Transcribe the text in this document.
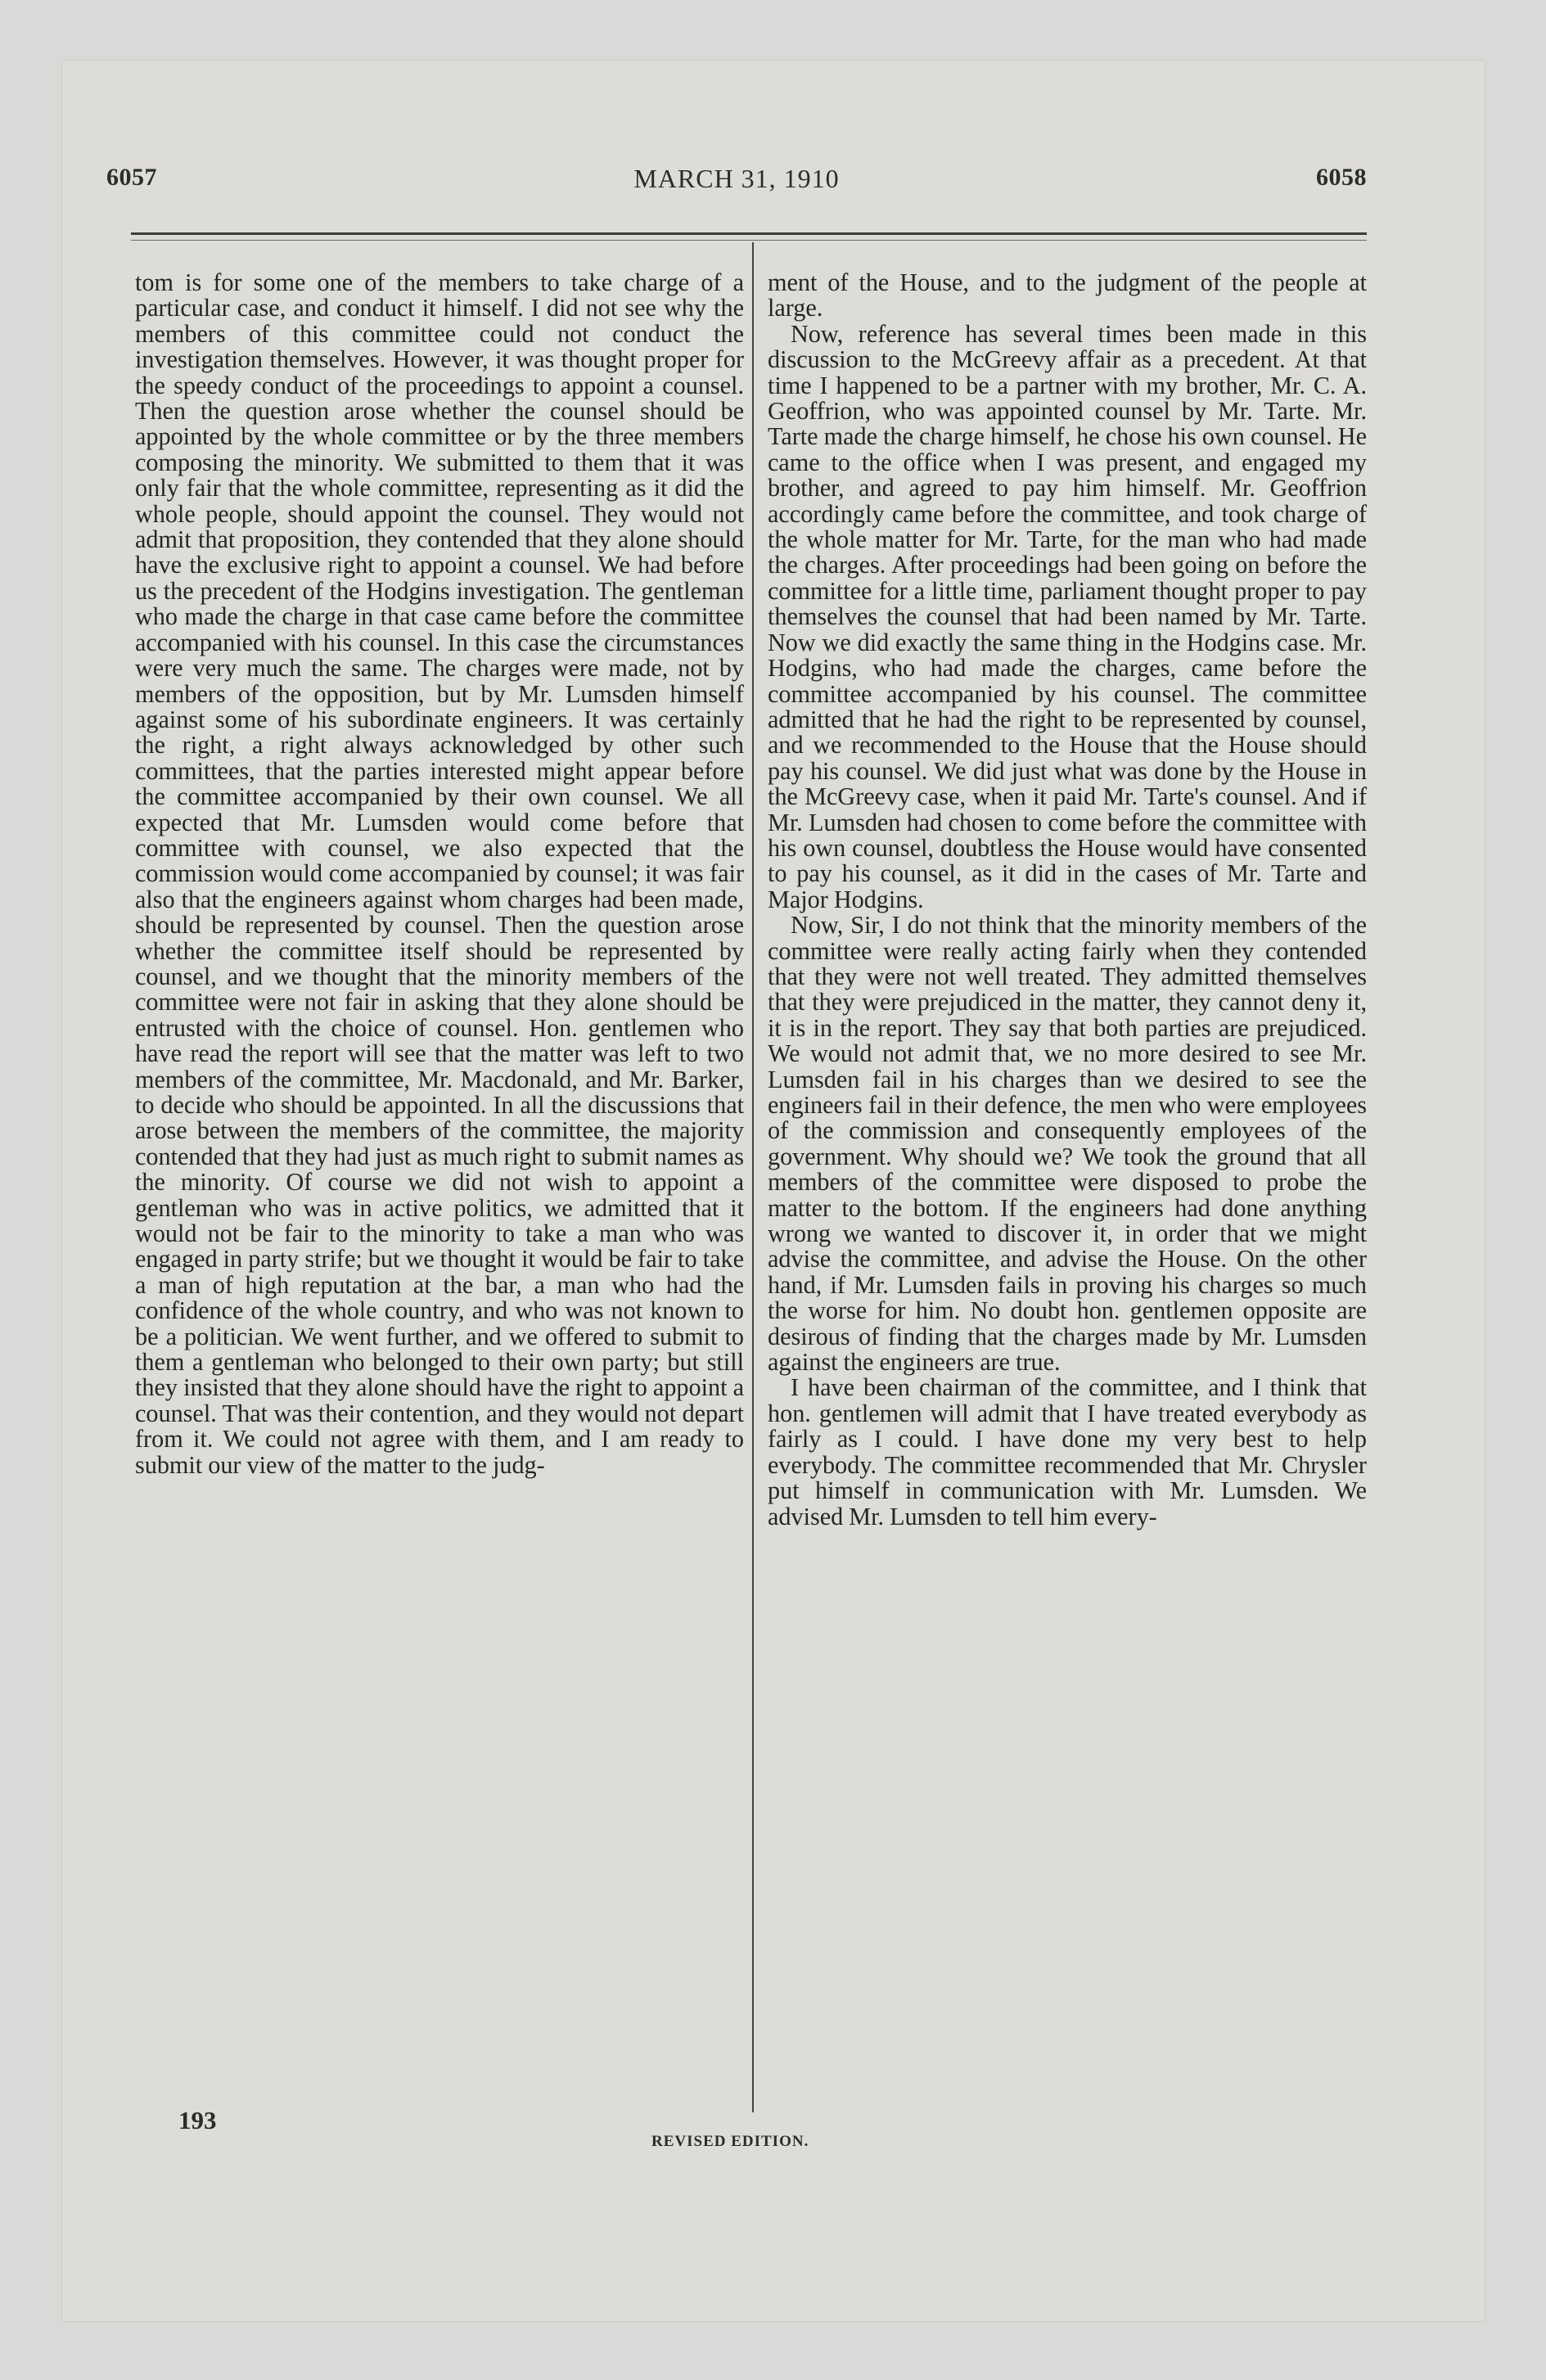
6057	MARCH 31, 1910	6058

tom is for some one of the members to take charge of a particular case, and conduct it himself. I did not see why the members of this committee could not conduct the investigation themselves. However, it was thought proper for the speedy conduct of the proceedings to appoint a counsel. Then the question arose whether the counsel should be appointed by the whole committee or by the three members composing the minority. We submitted to them that it was only fair that the whole committee, representing as it did the whole people, should appoint the counsel. They would not admit that proposition, they contended that they alone should have the exclusive right to appoint a counsel. We had before us the precedent of the Hodgins investigation. The gentleman who made the charge in that case came before the committee accompanied with his counsel. In this case the circumstances were very much the same. The charges were made, not by members of the opposition, but by Mr. Lumsden himself against some of his subordinate engineers. It was certainly the right, a right always acknowledged by other such committees, that the parties interested might appear before the committee accompanied by their own counsel. We all expected that Mr. Lumsden would come before that committee with counsel, we also expected that the commission would come accompanied by counsel; it was fair also that the engineers against whom charges had been made, should be represented by counsel. Then the question arose whether the committee itself should be represented by counsel, and we thought that the minority members of the committee were not fair in asking that they alone should be entrusted with the choice of counsel. Hon. gentlemen who have read the report will see that the matter was left to two members of the committee, Mr. Macdonald, and Mr. Barker, to decide who should be appointed. In all the discussions that arose between the members of the committee, the majority contended that they had just as much right to submit names as the minority. Of course we did not wish to appoint a gentleman who was in active politics, we admitted that it would not be fair to the minority to take a man who was engaged in party strife; but we thought it would be fair to take a man of high reputation at the bar, a man who had the confidence of the whole country, and who was not known to be a politician. We went further, and we offered to submit to them a gentleman who belonged to their own party; but still they insisted that they alone should have the right to appoint a counsel. That was their contention, and they would not depart from it. We could not agree with them, and I am ready to submit our view of the matter to the judg-

ment of the House, and to the judgment of the people at large.

Now, reference has several times been made in this discussion to the McGreevy affair as a precedent. At that time I happened to be a partner with my brother, Mr. C. A. Geoffrion, who was appointed counsel by Mr. Tarte. Mr. Tarte made the charge himself, he chose his own counsel. He came to the office when I was present, and engaged my brother, and agreed to pay him himself. Mr. Geoffrion accordingly came before the committee, and took charge of the whole matter for Mr. Tarte, for the man who had made the charges. After proceedings had been going on before the committee for a little time, parliament thought proper to pay themselves the counsel that had been named by Mr. Tarte. Now we did exactly the same thing in the Hodgins case. Mr. Hodgins, who had made the charges, came before the committee accompanied by his counsel. The committee admitted that he had the right to be represented by counsel, and we recommended to the House that the House should pay his counsel. We did just what was done by the House in the McGreevy case, when it paid Mr. Tarte's counsel. And if Mr. Lumsden had chosen to come before the committee with his own counsel, doubtless the House would have consented to pay his counsel, as it did in the cases of Mr. Tarte and Major Hodgins.

Now, Sir, I do not think that the minority members of the committee were really acting fairly when they contended that they were not well treated. They admitted themselves that they were prejudiced in the matter, they cannot deny it, it is in the report. They say that both parties are prejudiced. We would not admit that, we no more desired to see Mr. Lumsden fail in his charges than we desired to see the engineers fail in their defence, the men who were employees of the commission and consequently employees of the government. Why should we? We took the ground that all members of the committee were disposed to probe the matter to the bottom. If the engineers had done anything wrong we wanted to discover it, in order that we might advise the committee, and advise the House. On the other hand, if Mr. Lumsden fails in proving his charges so much the worse for him. No doubt hon. gentlemen opposite are desirous of finding that the charges made by Mr. Lumsden against the engineers are true.

I have been chairman of the committee, and I think that hon. gentlemen will admit that I have treated everybody as fairly as I could. I have done my very best to help everybody. The committee recommended that Mr. Chrysler put himself in communication with Mr. Lumsden. We advised Mr. Lumsden to tell him every-

193
REVISED EDITION.
